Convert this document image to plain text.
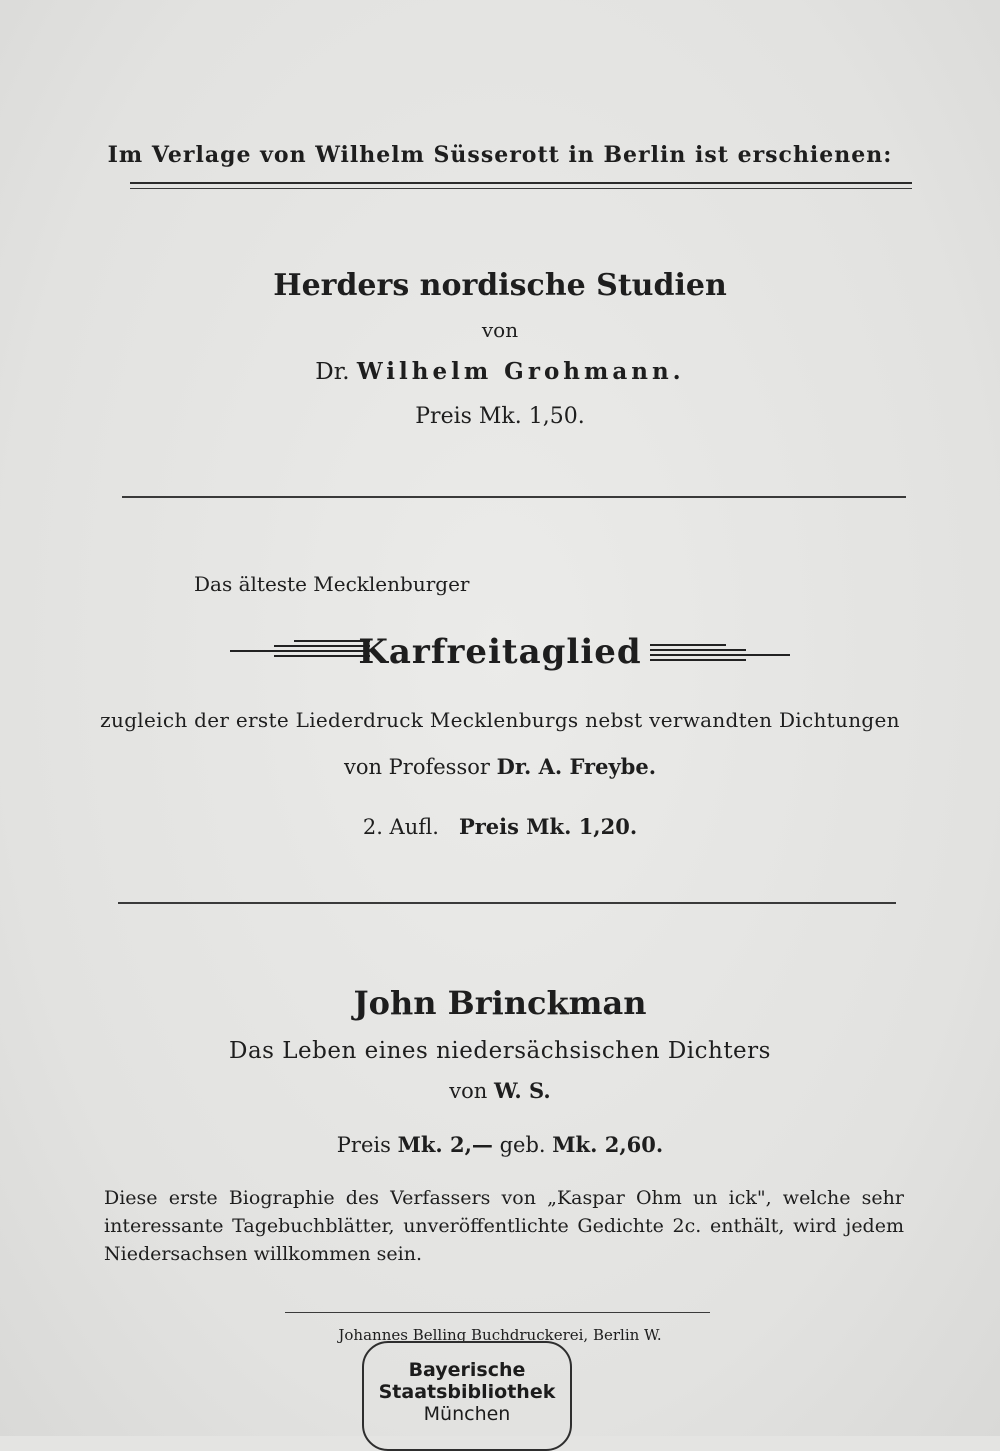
Im Verlage von Wilhelm Süsserott in Berlin ist erschienen:
Herders nordische Studien
von
Dr. Wilhelm Grohmann.
Preis Mk. 1,50.
Das älteste Mecklenburger
Karfreitaglied
zugleich der erste Liederdruck Mecklenburgs nebst verwandten Dichtungen
von Professor Dr. A. Freybe.
2. Aufl. Preis Mk. 1,20.
John Brinckman
Das Leben eines niedersächsischen Dichters
von W. S.
Preis Mk. 2,— geb. Mk. 2,60.
Diese erste Biographie des Verfassers von „Kaspar Ohm un ick", welche sehr interessante Tagebuchblätter, unveröffentlichte Gedichte 2c. enthält, wird jedem Niedersachsen willkommen sein.
Johannes Belling Buchdruckerei, Berlin W.
Bayerische
Staatsbibliothek
München
